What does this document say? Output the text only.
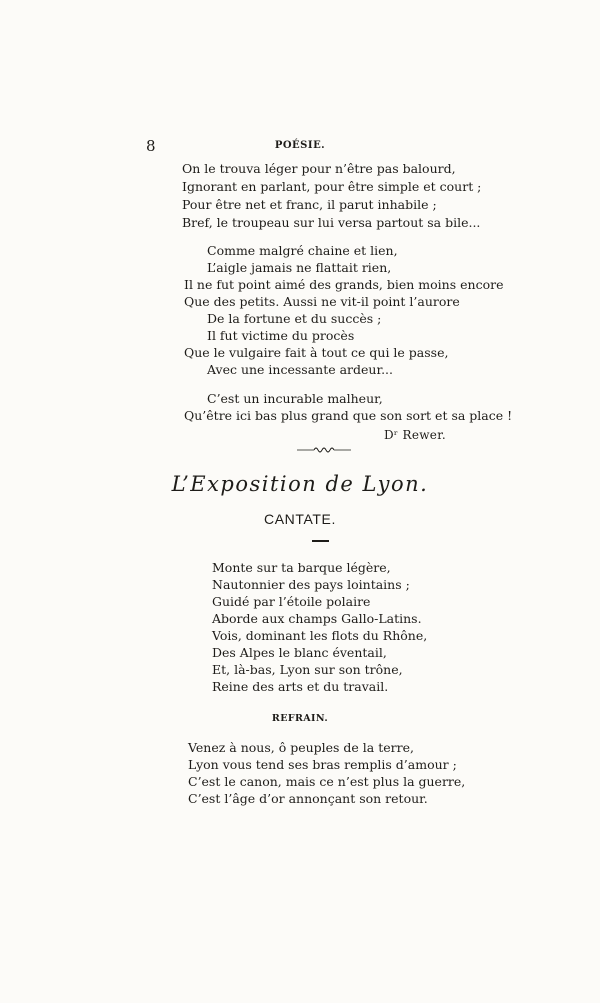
8	POÉSIE.
On le trouva léger pour n’être pas balourd,
Ignorant en parlant, pour être simple et court ;
Pour être net et franc, il parut inhabile ;
Bref, le troupeau sur lui versa partout sa bile...
Comme malgré chaine et lien,
L’aigle jamais ne flattait rien,
Il ne fut point aimé des grands, bien moins encore
Que des petits. Aussi ne vit-il point l’aurore
De la fortune et du succès ;
Il fut victime du procès
Que le vulgaire fait à tout ce qui le passe,
Avec une incessante ardeur...
C’est un incurable malheur,
Qu’être ici bas plus grand que son sort et sa place !
Dʳ Rewer.
L’Exposition de Lyon.
CANTATE.
Monte sur ta barque légère,
Nautonnier des pays lointains ;
Guidé par l’étoile polaire
Aborde aux champs Gallo-Latins.
Vois, dominant les flots du Rhône,
Des Alpes le blanc éventail,
Et, là-bas, Lyon sur son trône,
Reine des arts et du travail.
REFRAIN.
Venez à nous, ô peuples de la terre,
Lyon vous tend ses bras remplis d’amour ;
C’est le canon, mais ce n’est plus la guerre,
C’est l’âge d’or annonçant son retour.
